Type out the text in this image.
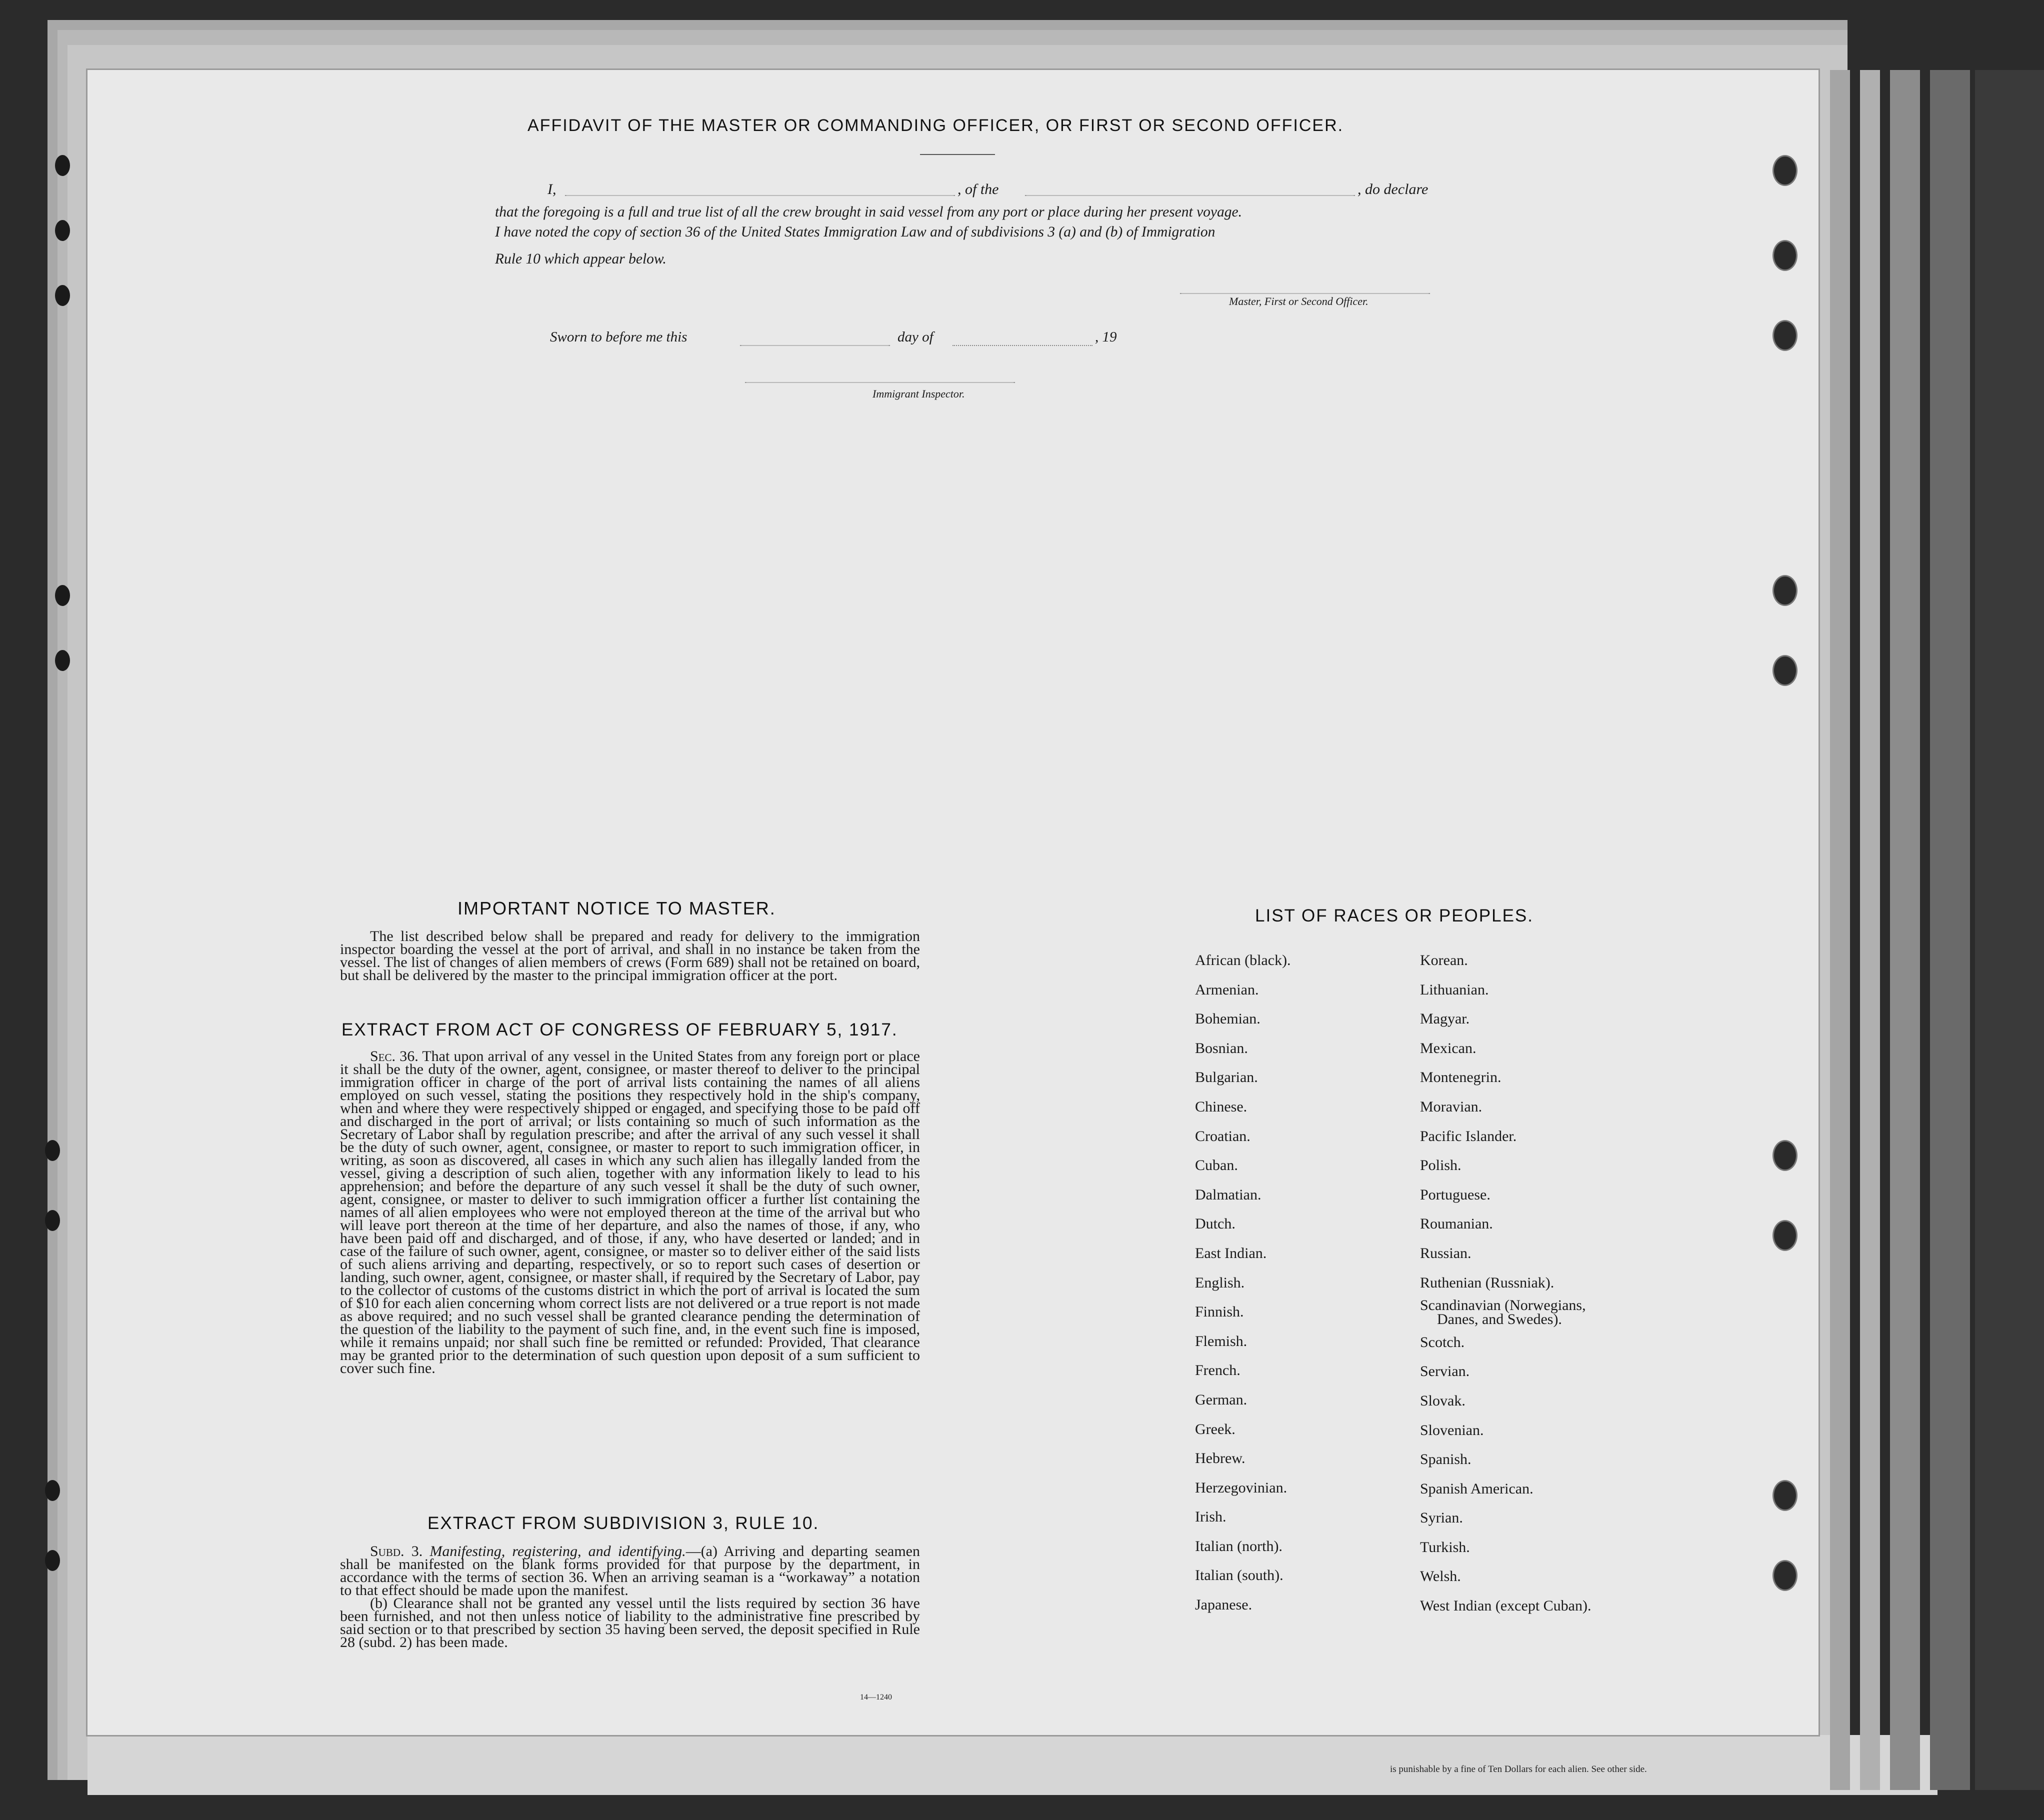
AFFIDAVIT OF THE MASTER OR COMMANDING OFFICER, OR FIRST OR SECOND OFFICER.
I,	, of the	, do declare
that the foregoing is a full and true list of all the crew brought in said vessel from any port or place during her present voyage.
I have noted the copy of section 36 of the United States Immigration Law and of subdivisions 3 (a) and (b) of Immigration
Rule 10 which appear below.
Master, First or Second Officer.
Sworn to before me this	day of	, 19
Immigrant Inspector.
IMPORTANT NOTICE TO MASTER.

The list described below shall be prepared and ready for delivery to the immigration inspector boarding the vessel at the port of arrival, and shall in no instance be taken from the vessel. The list of changes of alien members of crews (Form 689) shall not be retained on board, but shall be delivered by the master to the principal immigration officer at the port.

EXTRACT FROM ACT OF CONGRESS OF FEBRUARY 5, 1917.

Sec. 36. That upon arrival of any vessel in the United States from any foreign port or place it shall be the duty of the owner, agent, consignee, or master thereof to deliver to the principal immigration officer in charge of the port of arrival lists containing the names of all aliens employed on such vessel, stating the positions they respectively hold in the ship's company, when and where they were respectively shipped or engaged, and specifying those to be paid off and discharged in the port of arrival; or lists containing so much of such information as the Secretary of Labor shall by regulation prescribe; and after the arrival of any such vessel it shall be the duty of such owner, agent, consignee, or master to report to such immigration officer, in writing, as soon as discovered, all cases in which any such alien has illegally landed from the vessel, giving a description of such alien, together with any information likely to lead to his apprehension; and before the departure of any such vessel it shall be the duty of such owner, agent, consignee, or master to deliver to such immigration officer a further list containing the names of all alien employees who were not employed thereon at the time of the arrival but who will leave port thereon at the time of her departure, and also the names of those, if any, who have been paid off and discharged, and of those, if any, who have deserted or landed; and in case of the failure of such owner, agent, consignee, or master so to deliver either of the said lists of such aliens arriving and departing, respectively, or so to report such cases of desertion or landing, such owner, agent, consignee, or master shall, if required by the Secretary of Labor, pay to the collector of customs of the customs district in which the port of arrival is located the sum of $10 for each alien concerning whom correct lists are not delivered or a true report is not made as above required; and no such vessel shall be granted clearance pending the determination of the question of the liability to the payment of such fine, and, in the event such fine is imposed, while it remains unpaid; nor shall such fine be remitted or refunded: Provided, That clearance may be granted prior to the determination of such question upon deposit of a sum sufficient to cover such fine.

EXTRACT FROM SUBDIVISION 3, RULE 10.

Subd. 3. Manifesting, registering, and identifying.—(a) Arriving and departing seamen shall be manifested on the blank forms provided for that purpose by the department, in accordance with the terms of section 36. When an arriving seaman is a “workaway” a notation to that effect should be made upon the manifest.

(b) Clearance shall not be granted any vessel until the lists required by section 36 have been furnished, and not then unless notice of liability to the administrative fine prescribed by said section or to that prescribed by section 35 having been served, the deposit specified in Rule 28 (subd. 2) has been made.

14—1240
LIST OF RACES OR PEOPLES.
African (black).
Armenian.
Bohemian.
Bosnian.
Bulgarian.
Chinese.
Croatian.
Cuban.
Dalmatian.
Dutch.
East Indian.
English.
Finnish.
Flemish.
French.
German.
Greek.
Hebrew.
Herzegovinian.
Irish.
Italian (north).
Italian (south).
Japanese.
Korean.
Lithuanian.
Magyar.
Mexican.
Montenegrin.
Moravian.
Pacific Islander.
Polish.
Portuguese.
Roumanian.
Russian.
Ruthenian (Russniak).
Scandinavian (Norwegians,
Danes, and Swedes).
Scotch.
Servian.
Slovak.
Slovenian.
Spanish.
Spanish American.
Syrian.
Turkish.
Welsh.
West Indian (except Cuban).
is punishable by a fine of Ten Dollars for each alien. See other side.
